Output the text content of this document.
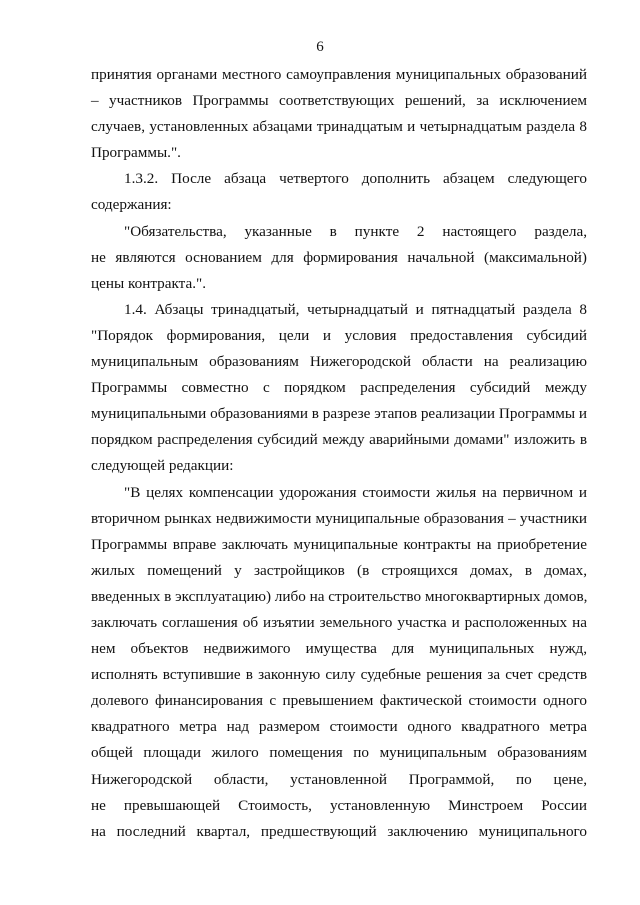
6
принятия органами местного самоуправления муниципальных образований
– участников Программы соответствующих решений, за исключением
случаев, установленных абзацами тринадцатым и четырнадцатым раздела 8
Программы.".
1.3.2. После абзаца четвертого дополнить абзацем следующего
содержания:
"Обязательства, указанные в пункте 2 настоящего раздела,
не являются основанием для формирования начальной (максимальной)
цены контракта.".
1.4. Абзацы тринадцатый, четырнадцатый и пятнадцатый раздела 8
"Порядок формирования, цели и условия предоставления субсидий
муниципальным образованиям Нижегородской области на реализацию
Программы совместно с порядком распределения субсидий между
муниципальными образованиями в разрезе этапов реализации Программы и
порядком распределения субсидий между аварийными домами" изложить в
следующей редакции:
"В целях компенсации удорожания стоимости жилья на первичном и
вторичном рынках недвижимости муниципальные образования – участники
Программы вправе заключать муниципальные контракты на приобретение
жилых помещений у застройщиков (в строящихся домах, в домах,
введенных в эксплуатацию) либо на строительство многоквартирных домов,
заключать соглашения об изъятии земельного участка и расположенных на
нем объектов недвижимого имущества для муниципальных нужд,
исполнять вступившие в законную силу судебные решения за счет средств
долевого финансирования с превышением фактической стоимости одного
квадратного метра над размером стоимости одного квадратного метра
общей площади жилого помещения по муниципальным образованиям
Нижегородской области, установленной Программой, по цене,
не превышающей Стоимость, установленную Минстроем России
на последний квартал, предшествующий заключению муниципального
